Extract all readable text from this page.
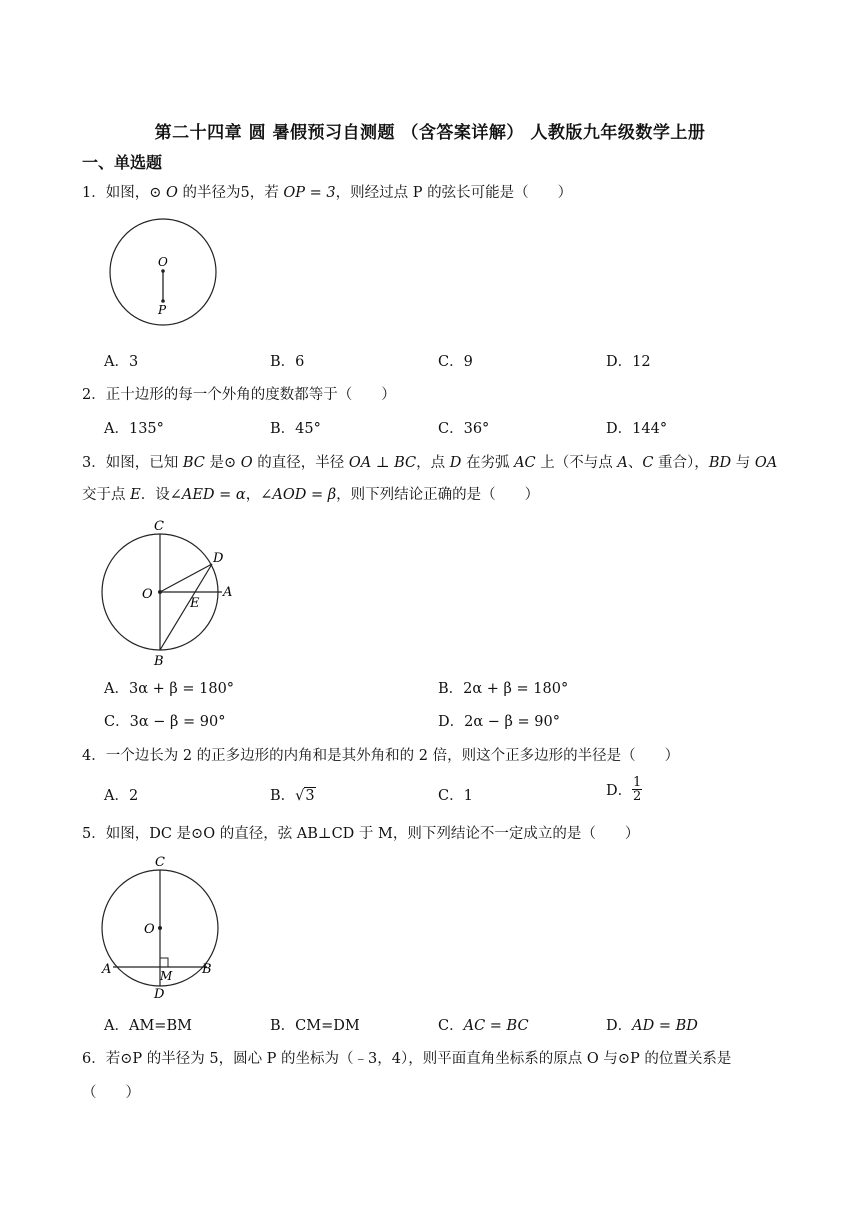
第二十四章 圆 暑假预习自测题 （含答案详解） 人教版九年级数学上册
一、单选题
1．如图，⊙ O 的半径为5，若 OP = 3，则经过点 P 的弦长可能是（　　）
O
P
A．3	B．6	C．9	D．12
2．正十边形的每一个外角的度数都等于（　　）
A．135°	B．45°	C．36°	D．144°
3．如图，已知 BC 是⊙ O 的直径，半径 OA ⊥ BC，点 D 在劣弧 AC 上（不与点 A、C 重合），BD 与 OA
交于点 E．设∠AED = α，∠AOD = β，则下列结论正确的是（　　）
C
D
O
E
A
B
A．3α + β = 180°	B．2α + β = 180°
C．3α − β = 90°	D．2α − β = 90°
4．一个边长为 2 的正多边形的内角和是其外角和的 2 倍，则这个正多边形的半径是（　　）
A．2	B．√3	C．1	D． $\frac{1}{2}$
5．如图，DC 是⊙O 的直径，弦 AB⊥CD 于 M，则下列结论不一定成立的是（　　）
C
O
A	M B
D
A．AM=BM	B．CM=DM	C．AC = BC	D．AD = BD
6．若⊙P 的半径为 5，圆心 P 的坐标为（﹣3，4），则平面直角坐标系的原点 O 与⊙P 的位置关系是
（　　）
